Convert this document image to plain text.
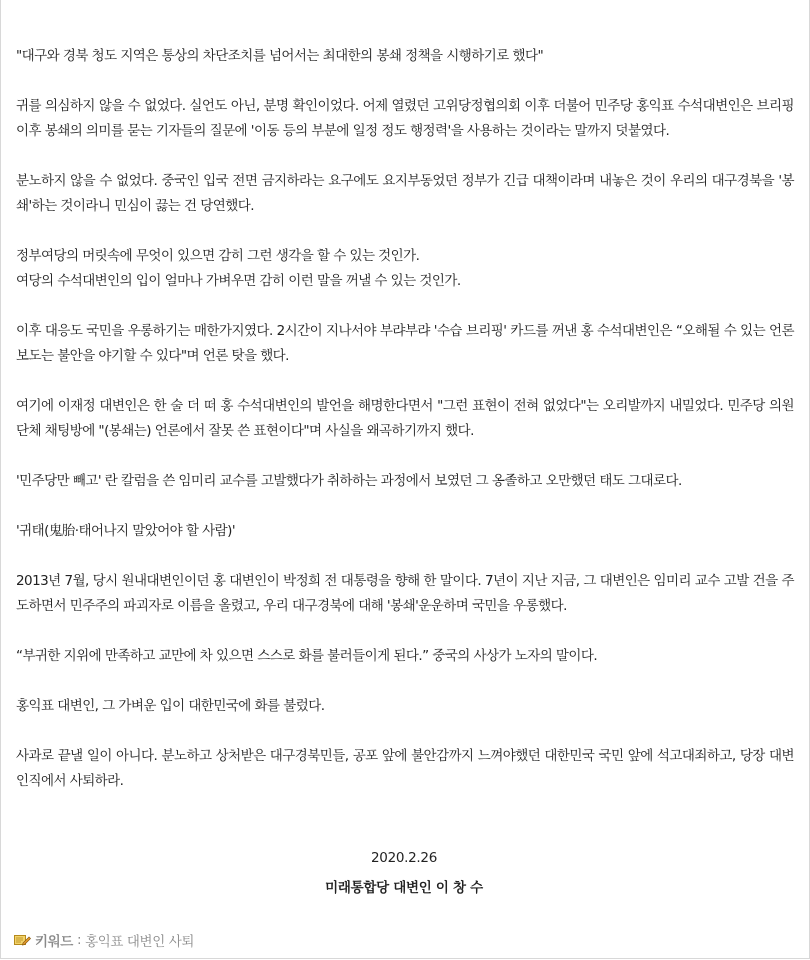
"대구와 경북 청도 지역은 통상의 차단조치를 넘어서는 최대한의 봉쇄 정책을 시행하기로 했다"

귀를 의심하지 않을 수 없었다. 실언도 아닌, 분명 확인이었다. 어제 열렸던 고위당정협의회 이후 더불어 민주당 홍익표 수석대변인은 브리핑 이후 봉쇄의 의미를 묻는 기자들의 질문에 '이동 등의 부분에 일정 정도 행정력'을 사용하는 것이라는 말까지 덧붙였다.

분노하지 않을 수 없었다. 중국인 입국 전면 금지하라는 요구에도 요지부동었던 정부가 긴급 대책이라며 내놓은 것이 우리의 대구경북을 '봉쇄'하는 것이라니 민심이 끓는 건 당연했다.

정부여당의 머릿속에 무엇이 있으면 감히 그런 생각을 할 수 있는 것인가.
여당의 수석대변인의 입이 얼마나 가벼우면 감히 이런 말을 꺼낼 수 있는 것인가.

이후 대응도 국민을 우롱하기는 매한가지였다. 2시간이 지나서야 부랴부랴 '수습 브리핑' 카드를 꺼낸 홍 수석대변인은 “오해될 수 있는 언론 보도는 불안을 야기할 수 있다"며 언론 탓을 했다.

여기에 이재정 대변인은 한 술 더 떠 홍 수석대변인의 발언을 해명한다면서 "그런 표현이 전혀 없었다"는 오리발까지 내밀었다. 민주당 의원 단체 채팅방에 "(봉쇄는) 언론에서 잘못 쓴 표현이다"며 사실을 왜곡하기까지 했다.

'민주당만 빼고' 란 칼럼을 쓴 임미리 교수를 고발했다가 취하하는 과정에서 보였던 그 옹졸하고 오만했던 태도 그대로다.

'귀태(鬼胎·태어나지 말았어야 할 사람)'

2013년 7월, 당시 원내대변인이던 홍 대변인이 박정희 전 대통령을 향해 한 말이다. 7년이 지난 지금, 그 대변인은 임미리 교수 고발 건을 주도하면서 민주주의 파괴자로 이름을 올렸고, 우리 대구경북에 대해 '봉쇄'운운하며 국민을 우롱했다.

“부귀한 지위에 만족하고 교만에 차 있으면 스스로 화를 불러들이게 된다.” 중국의 사상가 노자의 말이다.

홍익표 대변인, 그 가벼운 입이 대한민국에 화를 불렀다.

사과로 끝낼 일이 아니다. 분노하고 상처받은 대구경북민들, 공포 앞에 불안감까지 느껴야했던 대한민국 국민 앞에 석고대죄하고, 당장 대변인직에서 사퇴하라.

2020.2.26
미래통합당 대변인 이 창 수
키워드 : 홍익표 대변인 사퇴
